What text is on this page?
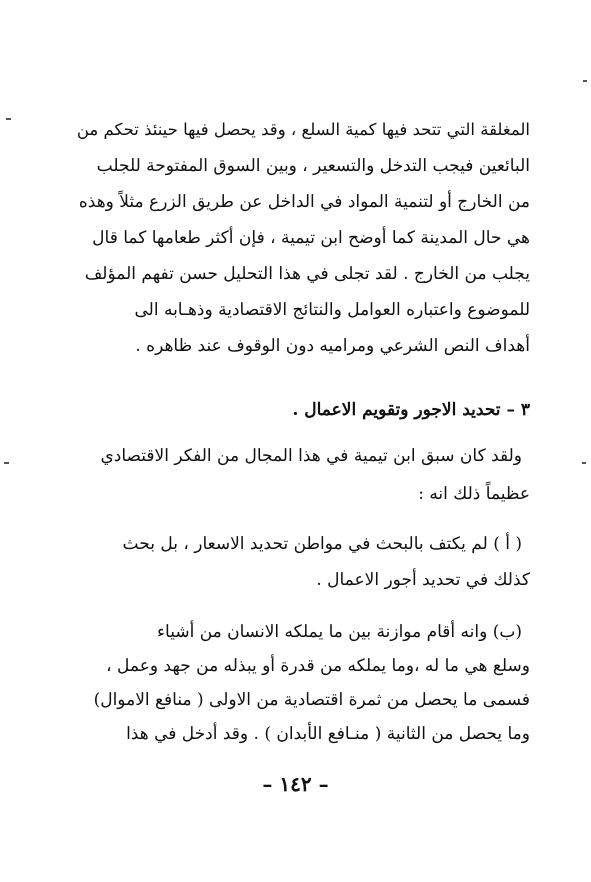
المغلقة التي تتحد فيها كمية السلع ، وقد يحصل فيها حينئذ تحكم من
البائعين فيجب التدخل والتسعير ، وبين السوق المفتوحة للجلب
من الخارج أو لتنمية المواد في الداخل عن طريق الزرع مثلاً وهذه
هي حال المدينة كما أوضح ابن تيمية ، فإن أكثر طعامها كما قال
يجلب من الخارج . لقد تجلى في هذا التحليل حسن تفهم المؤلف
للموضوع واعتباره العوامل والنتائج الاقتصادية وذهـابه الى
أهداف النص الشرعي ومراميه دون الوقوف عند ظاهره .
٣ – تحديد الاجور وتقويم الاعمال .
ولقد كان سبق ابن تيمية في هذا المجال من الفكر الاقتصادي
عظيماً ذلك انه :
( أ ) لم يكتف بالبحث في مواطن تحديد الاسعار ، بل بحث
كذلك في تحديد أجور الاعمال .
(ب) وانه أقام موازنة بين ما يملكه الانسان من أشياء
وسلع هي ما له ،وما يملكه من قدرة أو يبذله من جهد وعمل ،
فسمى ما يحصل من ثمرة اقتصادية من الاولى ( منافع الاموال)
وما يحصل من الثانية ( منـافع الأبدان ) . وقد أدخل في هذا
– ١٤٢ –
